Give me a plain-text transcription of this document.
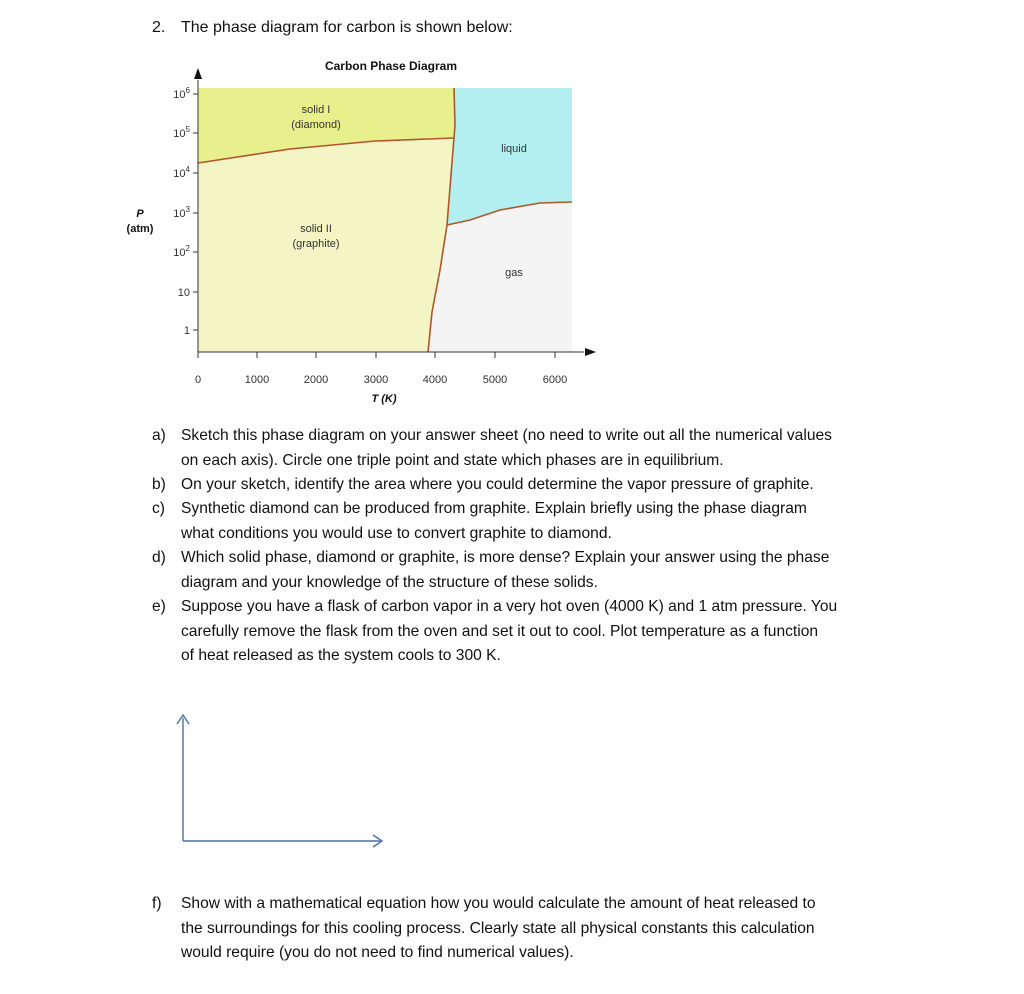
2. The phase diagram for carbon is shown below:
Carbon Phase Diagram
solid I
(diamond)
solid II
(graphite)
liquid
gas
1
10
$10^2$
$10^3$
$10^4$
$10^5$
$10^6$
P
(atm)
0	1000	2000	3000	4000	5000	6000
T (K)
a) Sketch this phase diagram on your answer sheet (no need to write out all the numerical values
on each axis). Circle one triple point and state which phases are in equilibrium.
b) On your sketch, identify the area where you could determine the vapor pressure of graphite.
c) Synthetic diamond can be produced from graphite. Explain briefly using the phase diagram
what conditions you would use to convert graphite to diamond.
d) Which solid phase, diamond or graphite, is more dense? Explain your answer using the phase
diagram and your knowledge of the structure of these solids.
e) Suppose you have a flask of carbon vapor in a very hot oven (4000 K) and 1 atm pressure. You
carefully remove the flask from the oven and set it out to cool. Plot temperature as a function
of heat released as the system cools to 300 K.
f) Show with a mathematical equation how you would calculate the amount of heat released to
the surroundings for this cooling process. Clearly state all physical constants this calculation
would require (you do not need to find numerical values).
